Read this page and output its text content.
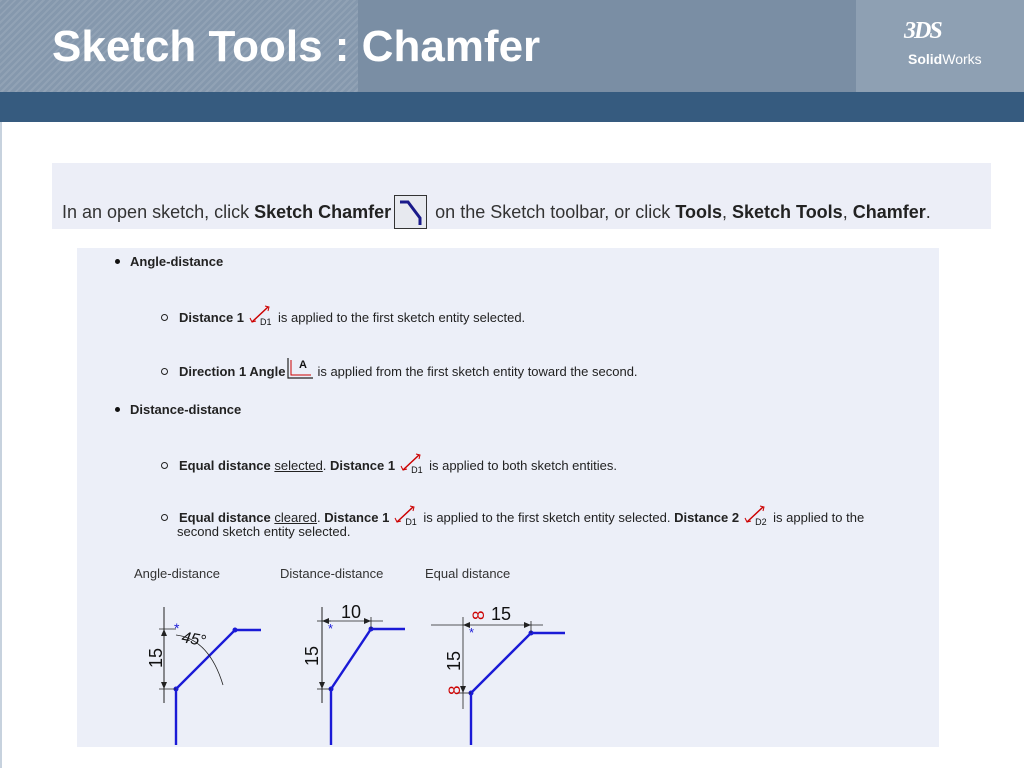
Sketch Tools : Chamfer	3DS
SolidWorks
In an open sketch, click Sketch Chamfer on the Sketch toolbar, or click Tools, Sketch Tools, Chamfer.
Angle-distance
Distance 1 D1 is applied to the first sketch entity selected.
Direction 1 Angle A is applied from the first sketch entity toward the second.
Distance-distance
Equal distance selected. Distance 1 D1 is applied to both sketch entities.
Equal distance cleared. Distance 1 D1 is applied to the first sketch entity selected. Distance 2 D2 is applied to the
second sketch entity selected.
Angle-distance	Distance-distance	Equal distance
*
45°
15
*
10
15
*
8 15
15
8
